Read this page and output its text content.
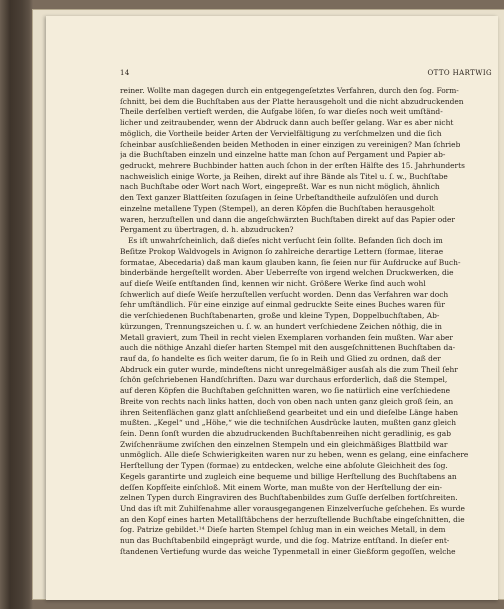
14	OTTO HARTWIG
reiner. Wollte man dagegen durch ein entgegengeſetztes Verfahren, durch den ſog. Form-
ſchnitt, bei dem die Buchſtaben aus der Platte herausgeholt und die nicht abzudruckenden
Theile derſelben vertieft werden, die Aufgabe löſen, ſo war dieſes noch weit umſtänd-
licher und zeitraubender, wenn der Abdruck dann auch beſſer gelang. War es aber nicht
möglich, die Vortheile beider Arten der Vervielfältigung zu verſchmelzen und die ſich
ſcheinbar ausſchließenden beiden Methoden in einer einzigen zu vereinigen? Man ſchrieb
ja die Buchſtaben einzeln und einzelne hatte man ſchon auf Pergament und Papier ab-
gedruckt, mehrere Buchbinder hatten auch ſchon in der erſten Hälfte des 15. Jahrhunderts
nachweislich einige Worte, ja Reihen, direkt auf ihre Bände als Titel u. ſ. w., Buchſtabe
nach Buchſtabe oder Wort nach Wort, eingepreßt. War es nun nicht möglich, ähnlich
den Text ganzer Blattſeiten ſozuſagen in ſeine Urbeſtandtheile aufzulöſen und durch
einzelne metallene Typen (Stempel), an deren Köpfen die Buchſtaben herausgeholt
waren, herzuſtellen und dann die angeſchwärzten Buchſtaben direkt auf das Papier oder
Pergament zu übertragen, d. h. abzudrucken?
Es iſt unwahrſcheinlich, daß dieſes nicht verſucht ſein ſollte. Befanden ſich doch im
Beſitze Prokop Waldvogels in Avignon ſo zahlreiche derartige Lettern (formae, literae
formatae, Abecedaria) daß man kaum glauben kann, ſie ſeien nur für Aufdrucke auf Buch-
binderbände hergeſtellt worden. Aber Ueberreſte von irgend welchen Druckwerken, die
auf dieſe Weiſe entſtanden ſind, kennen wir nicht. Größere Werke ſind auch wohl
ſchwerlich auf dieſe Weiſe herzuſtellen verſucht worden. Denn das Verfahren war doch
ſehr umſtändlich. Für eine einzige auf einmal gedruckte Seite eines Buches waren für
die verſchiedenen Buchſtabenarten, große und kleine Typen, Doppelbuchſtaben, Ab-
kürzungen, Trennungszeichen u. ſ. w. an hundert verſchiedene Zeichen nöthig, die in
Metall graviert, zum Theil in recht vielen Exemplaren vorhanden ſein mußten. War aber
auch die nöthige Anzahl dieſer harten Stempel mit den ausgeſchnittenen Buchſtaben da-
rauf da, ſo handelte es ſich weiter darum, ſie ſo in Reih und Glied zu ordnen, daß der
Abdruck ein guter wurde, mindeſtens nicht unregelmäßiger ausſah als die zum Theil ſehr
ſchön geſchriebenen Handſchriften. Dazu war durchaus erforderlich, daß die Stempel,
auf deren Köpfen die Buchſtaben geſchnitten waren, wo ſie natürlich eine verſchiedene
Breite von rechts nach links hatten, doch von oben nach unten ganz gleich groß ſein, an
ihren Seitenflächen ganz glatt anſchließend gearbeitet und ein und dieſelbe Länge haben
mußten. „Kegel“ und „Höhe,“ wie die techniſchen Ausdrücke lauten, mußten ganz gleich
ſein. Denn ſonſt wurden die abzudruckenden Buchſtabenreihen nicht geradlinig, es gab
Zwiſchenräume zwiſchen den einzelnen Stempeln und ein gleichmäßiges Blattbild war
unmöglich. Alle dieſe Schwierigkeiten waren nur zu heben, wenn es gelang, eine einfachere
Herſtellung der Typen (formae) zu entdecken, welche eine abſolute Gleichheit des ſog.
Kegels garantirte und zugleich eine bequeme und billige Herſtellung des Buchſtabens an
deſſen Kopfſeite einſchloß. Mit einem Worte, man mußte von der Herſtellung der ein-
zelnen Typen durch Eingraviren des Buchſtabenbildes zum Guſſe derſelben fortſchreiten.
Und das iſt mit Zuhilfenahme aller vorausgegangenen Einzelverſuche geſchehen. Es wurde
an den Kopf eines harten Metallſtäbchens der herzuſtellende Buchſtabe eingeſchnitten, die
ſog. Patrize gebildet.¹⁴ Dieſe harten Stempel ſchlug man in ein weiches Metall, in dem
nun das Buchſtabenbild eingeprägt wurde, und die ſog. Matrize entſtand. In dieſer ent-
ſtandenen Vertiefung wurde das weiche Typenmetall in einer Gießform gegoſſen, welche
